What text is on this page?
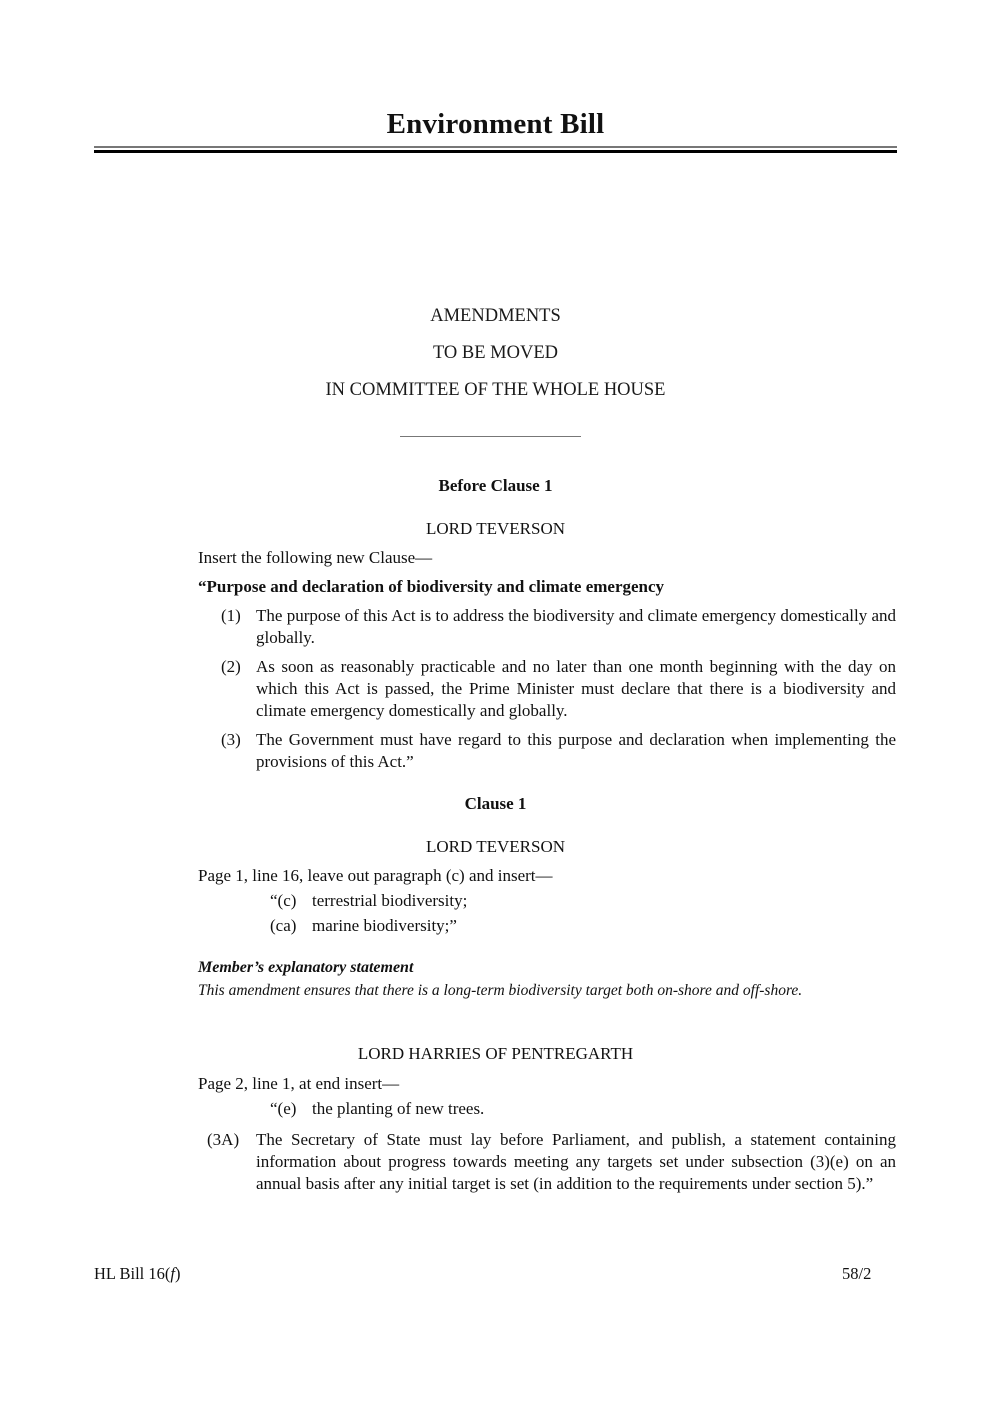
Environment Bill
AMENDMENTS
TO BE MOVED
IN COMMITTEE OF THE WHOLE HOUSE
Before Clause 1
LORD TEVERSON
Insert the following new Clause—
“Purpose and declaration of biodiversity and climate emergency
(1) The purpose of this Act is to address the biodiversity and climate emergency domestically and globally.
(2) As soon as reasonably practicable and no later than one month beginning with the day on which this Act is passed, the Prime Minister must declare that there is a biodiversity and climate emergency domestically and globally.
(3) The Government must have regard to this purpose and declaration when implementing the provisions of this Act.”
Clause 1
LORD TEVERSON
Page 1, line 16, leave out paragraph (c) and insert—
“(c) terrestrial biodiversity;
(ca) marine biodiversity;”
Member’s explanatory statement
This amendment ensures that there is a long-term biodiversity target both on-shore and off-shore.
LORD HARRIES OF PENTREGARTH
Page 2, line 1, at end insert—
“(e) the planting of new trees.
(3A) The Secretary of State must lay before Parliament, and publish, a statement containing information about progress towards meeting any targets set under subsection (3)(e) on an annual basis after any initial target is set (in addition to the requirements under section 5).”
HL Bill 16(f)	58/2
